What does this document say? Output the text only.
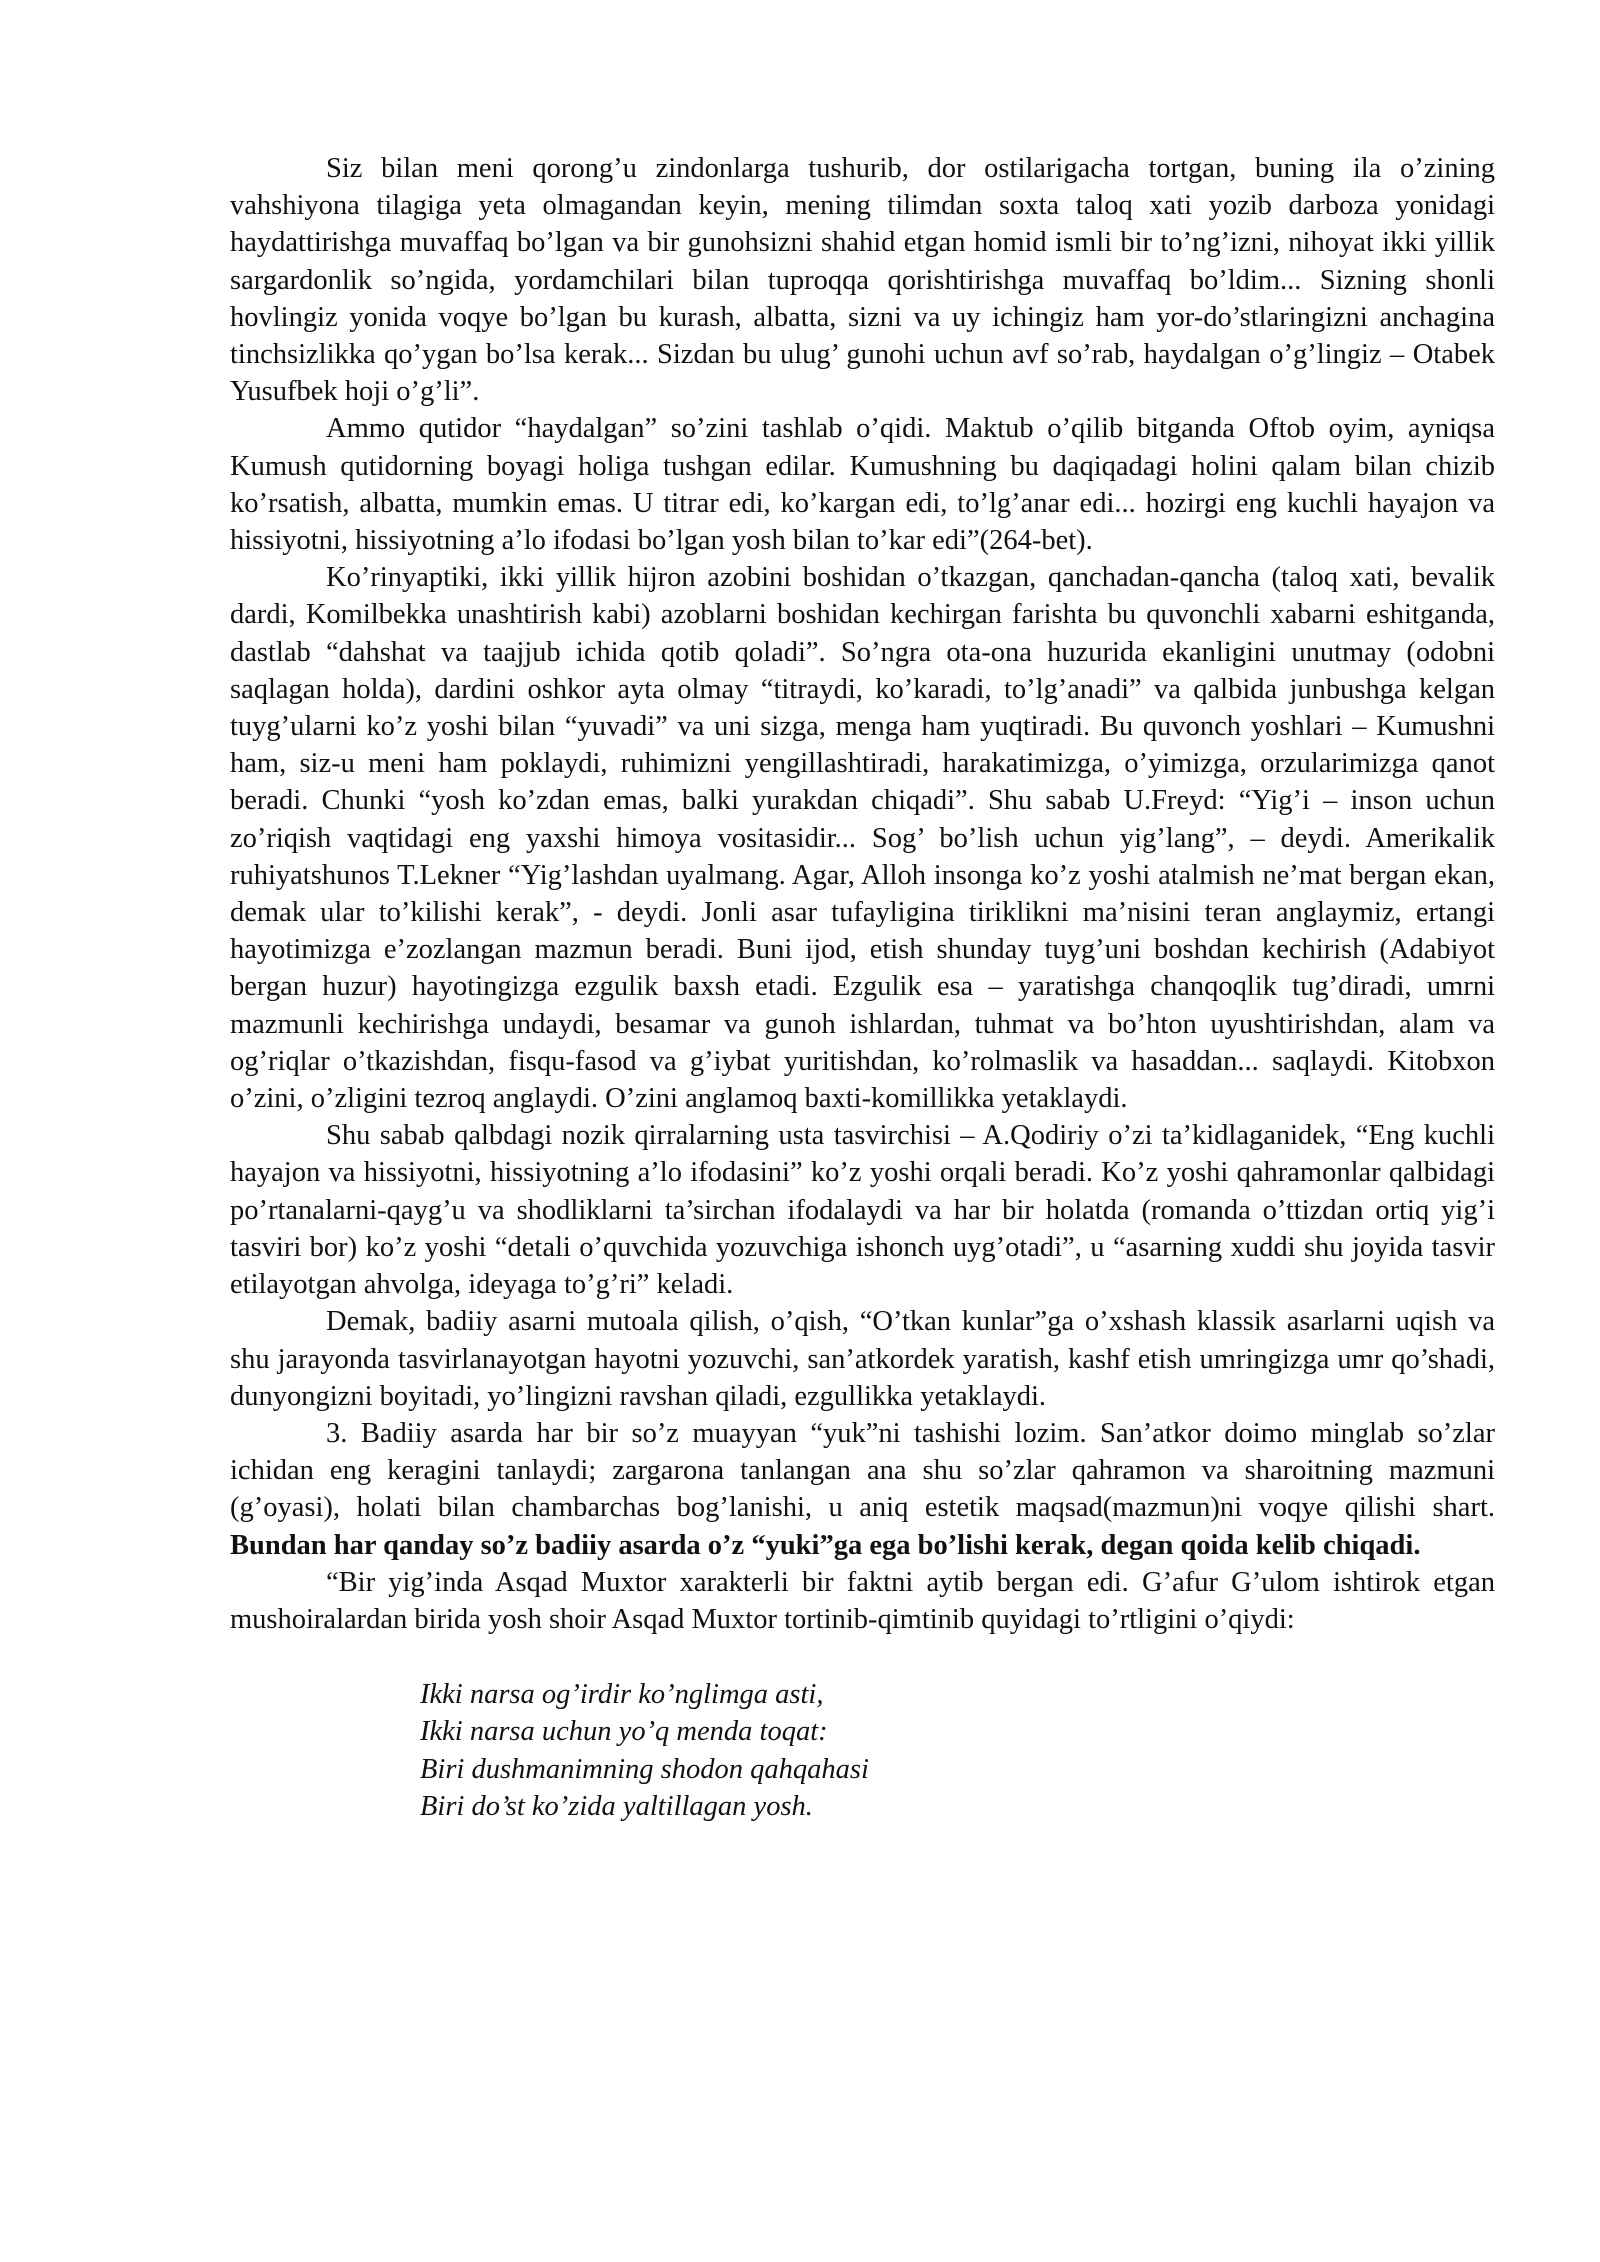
Siz bilan meni qorong’u zindonlarga tushurib, dor ostilarigacha tortgan, buning ila o’zining vahshiyona tilagiga yeta olmagandan keyin, mening tilimdan soxta taloq xati yozib darboza yonidagi haydattirishga muvaffaq bo’lgan va bir gunohsizni shahid etgan homid ismli bir to’ng’izni, nihoyat ikki yillik sargardonlik so’ngida, yordamchilari bilan tuproqqa qorishtirishga muvaffaq bo’ldim... Sizning shonli hovlingiz yonida voqye bo’lgan bu kurash, albatta, sizni va uy ichingiz ham yor-do’stlaringizni anchagina tinchsizlikka qo’ygan bo’lsa kerak... Sizdan bu ulug’ gunohi uchun avf so’rab, haydalgan o’g’lingiz – Otabek Yusufbek hoji o’g’li”.

Ammo qutidor “haydalgan” so’zini tashlab o’qidi. Maktub o’qilib bitganda Oftob oyim, ayniqsa Kumush qutidorning boyagi holiga tushgan edilar. Kumushning bu daqiqadagi holini qalam bilan chizib ko’rsatish, albatta, mumkin emas. U titrar edi, ko’kargan edi, to’lg’anar edi... hozirgi eng kuchli hayajon va hissiyotni, hissiyotning a’lo ifodasi bo’lgan yosh bilan to’kar edi”(264-bet).

Ko’rinyaptiki, ikki yillik hijron azobini boshidan o’tkazgan, qanchadan-qancha (taloq xati, bevalik dardi, Komilbekka unashtirish kabi) azoblarni boshidan kechirgan farishta bu quvonchli xabarni eshitganda, dastlab “dahshat va taajjub ichida qotib qoladi”. So’ngra ota-ona huzurida ekanligini unutmay (odobni saqlagan holda), dardini oshkor ayta olmay “titraydi, ko’karadi, to’lg’anadi” va qalbida junbushga kelgan tuyg’ularni ko’z yoshi bilan “yuvadi” va uni sizga, menga ham yuqtiradi. Bu quvonch yoshlari – Kumushni ham, siz-u meni ham poklaydi, ruhimizni yengillashtiradi, harakatimizga, o’yimizga, orzularimizga qanot beradi. Chunki “yosh ko’zdan emas, balki yurakdan chiqadi”. Shu sabab U.Freyd: “Yig’i – inson uchun zo’riqish vaqtidagi eng yaxshi himoya vositasidir... Sog’ bo’lish uchun yig’lang”, – deydi. Amerikalik ruhiyatshunos T.Lekner “Yig’lashdan uyalmang. Agar, Alloh insonga ko’z yoshi atalmish ne’mat bergan ekan, demak ular to’kilishi kerak”, - deydi. Jonli asar tufayligina tiriklikni ma’nisini teran anglaymiz, ertangi hayotimizga e’zozlangan mazmun beradi. Buni ijod, etish shunday tuyg’uni boshdan kechirish (Adabiyot bergan huzur) hayotingizga ezgulik baxsh etadi. Ezgulik esa – yaratishga chanqoqlik tug’diradi, umrni mazmunli kechirishga undaydi, besamar va gunoh ishlardan, tuhmat va bo’hton uyushtirishdan, alam va og’riqlar o’tkazishdan, fisqu-fasod va g’iybat yuritishdan, ko’rolmaslik va hasaddan... saqlaydi. Kitobxon o’zini, o’zligini tezroq anglaydi. O’zini anglamoq baxti-komillikka yetaklaydi.

Shu sabab qalbdagi nozik qirralarning usta tasvirchisi – A.Qodiriy o’zi ta’kidlaganidek, “Eng kuchli hayajon va hissiyotni, hissiyotning a’lo ifodasini” ko’z yoshi orqali beradi. Ko’z yoshi qahramonlar qalbidagi po’rtanalarni-qayg’u va shodliklarni ta’sirchan ifodalaydi va har bir holatda (romanda o’ttizdan ortiq yig’i tasviri bor) ko’z yoshi “detali o’quvchida yozuvchiga ishonch uyg’otadi”, u “asarning xuddi shu joyida tasvir etilayotgan ahvolga, ideyaga to’g’ri” keladi.

Demak, badiiy asarni mutoala qilish, o’qish, “O’tkan kunlar”ga o’xshash klassik asarlarni uqish va shu jarayonda tasvirlanayotgan hayotni yozuvchi, san’atkordek yaratish, kashf etish umringizga umr qo’shadi, dunyongizni boyitadi, yo’lingizni ravshan qiladi, ezgullikka yetaklaydi.

3. Badiiy asarda har bir so’z muayyan “yuk”ni tashishi lozim. San’atkor doimo minglab so’zlar ichidan eng keragini tanlaydi; zargarona tanlangan ana shu so’zlar qahramon va sharoitning mazmuni (g’oyasi), holati bilan chambarchas bog’lanishi, u aniq estetik maqsad(mazmun)ni voqye qilishi shart. Bundan har qanday so’z badiiy asarda o’z “yuki”ga ega bo’lishi kerak, degan qoida kelib chiqadi.

“Bir yig’inda Asqad Muxtor xarakterli bir faktni aytib bergan edi. G’afur G’ulom ishtirok etgan mushoiralardan birida yosh shoir Asqad Muxtor tortinib-qimtinib quyidagi to’rtligini o’qiydi:

Ikki narsa og’irdir ko’nglimga asti,
Ikki narsa uchun yo’q menda toqat:
Biri dushmanimning shodon qahqahasi
Biri do’st ko’zida yaltillagan yosh.
